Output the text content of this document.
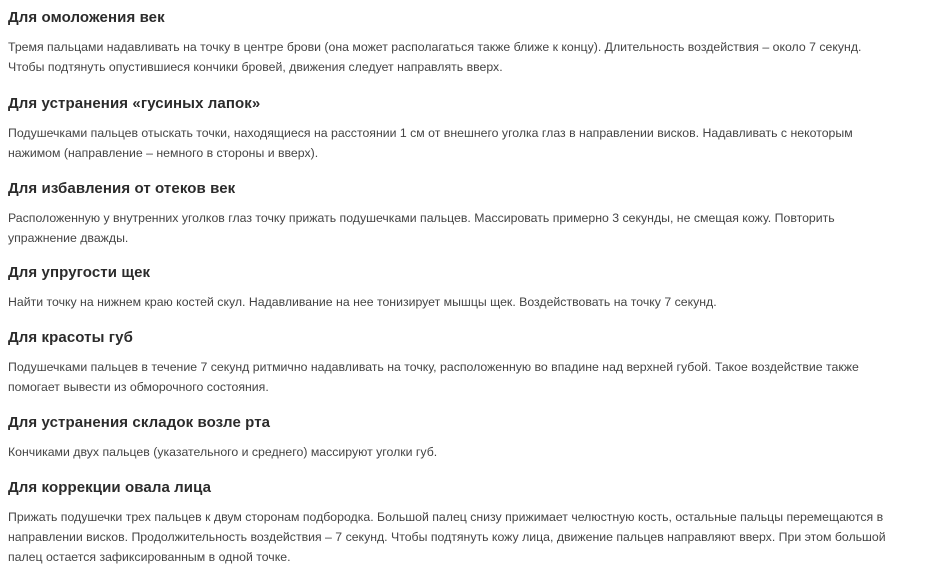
Для омоложения век

Тремя пальцами надавливать на точку в центре брови (она может располагаться также ближе к концу). Длительность воздействия – около 7 секунд.
Чтобы подтянуть опустившиеся кончики бровей, движения следует направлять вверх.

Для устранения «гусиных лапок»

Подушечками пальцев отыскать точки, находящиеся на расстоянии 1 см от внешнего уголка глаз в направлении висков. Надавливать с некоторым
нажимом (направление – немного в стороны и вверх).

Для избавления от отеков век

Расположенную у внутренних уголков глаз точку прижать подушечками пальцев. Массировать примерно 3 секунды, не смещая кожу. Повторить
упражнение дважды.

Для упругости щек

Найти точку на нижнем краю костей скул. Надавливание на нее тонизирует мышцы щек. Воздействовать на точку 7 секунд.

Для красоты губ

Подушечками пальцев в течение 7 секунд ритмично надавливать на точку, расположенную во впадине над верхней губой. Такое воздействие также
помогает вывести из обморочного состояния.

Для устранения складок возле рта

Кончиками двух пальцев (указательного и среднего) массируют уголки губ.

Для коррекции овала лица

Прижать подушечки трех пальцев к двум сторонам подбородка. Большой палец снизу прижимает челюстную кость, остальные пальцы перемещаются в
направлении висков. Продолжительность воздействия – 7 секунд. Чтобы подтянуть кожу лица, движение пальцев направляют вверх. При этом большой
палец остается зафиксированным в одной точке.
